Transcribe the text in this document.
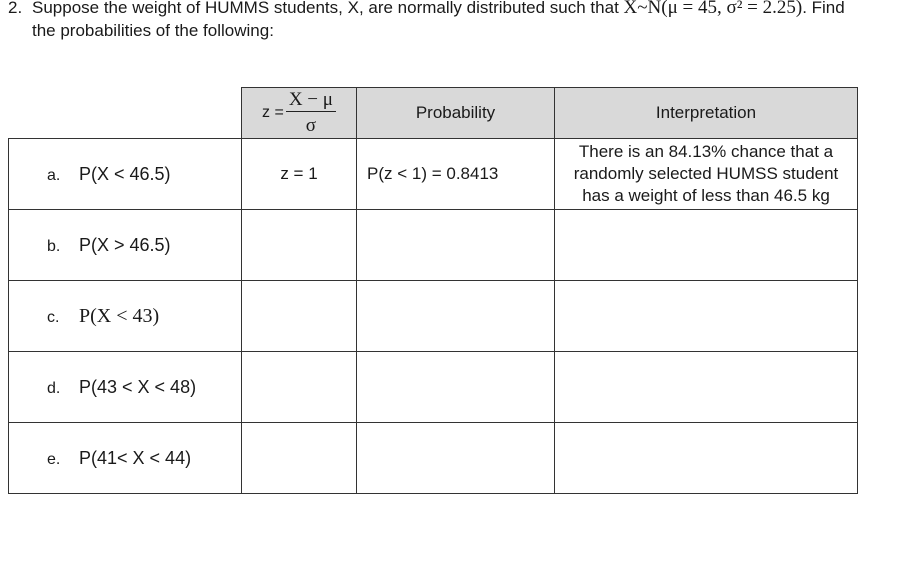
2. Suppose the weight of HUMMS students, X, are normally distributed such that X~N(μ = 45, σ² = 2.25). Find
the probabilities of the following:

	$z = \frac{X - \mu}{\sigma}$	Probability	Interpretation
a. P(X < 46.5)	z = 1	P(z < 1) = 0.8413	There is an 84.13% chance that a
randomly selected HUMSS student
has a weight of less than 46.5 kg

b. P(X > 46.5)			
c. P(X < 43)			
d. P(43 < X < 48)			
e. P(41< X < 44)			
